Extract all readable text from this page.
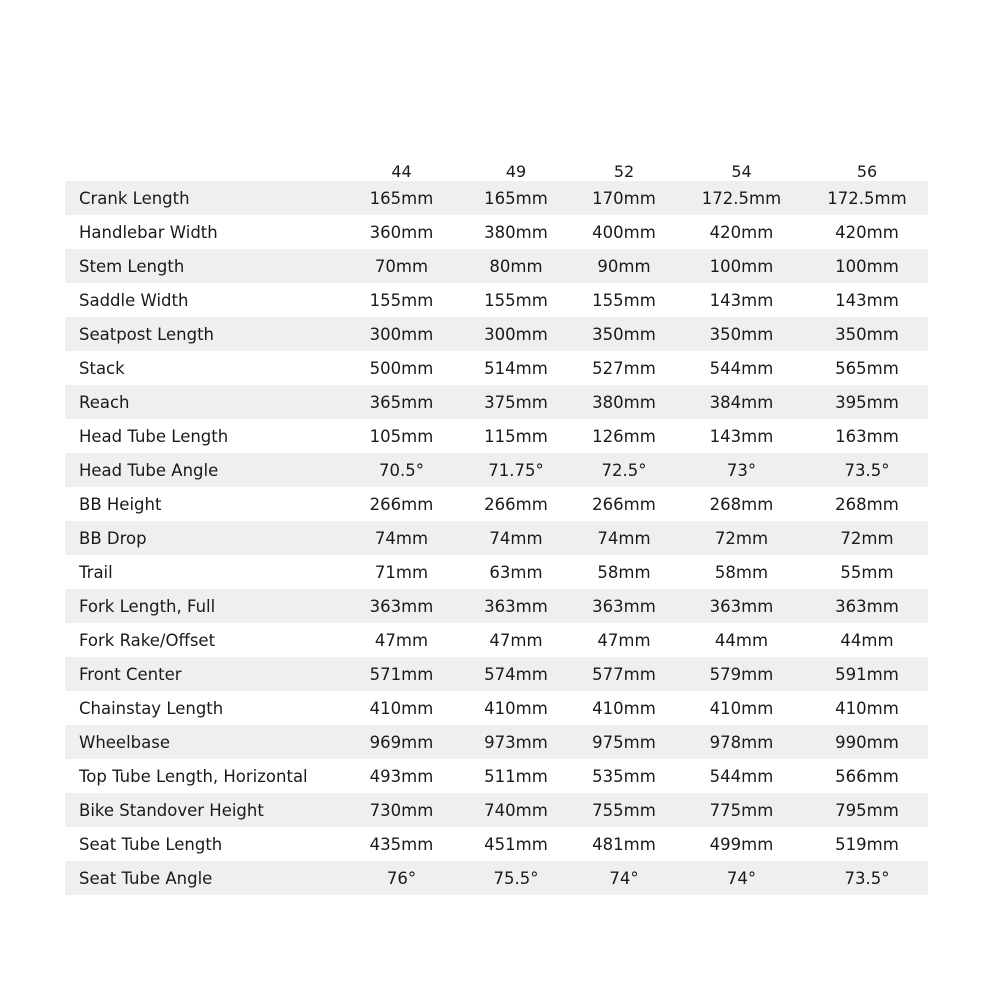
	44	49	52	54	56
Crank Length	165mm	165mm	170mm	172.5mm	172.5mm
Handlebar Width	360mm	380mm	400mm	420mm	420mm
Stem Length	70mm	80mm	90mm	100mm	100mm
Saddle Width	155mm	155mm	155mm	143mm	143mm
Seatpost Length	300mm	300mm	350mm	350mm	350mm
Stack	500mm	514mm	527mm	544mm	565mm
Reach	365mm	375mm	380mm	384mm	395mm
Head Tube Length	105mm	115mm	126mm	143mm	163mm
Head Tube Angle	70.5°	71.75°	72.5°	73°	73.5°
BB Height	266mm	266mm	266mm	268mm	268mm
BB Drop	74mm	74mm	74mm	72mm	72mm
Trail	71mm	63mm	58mm	58mm	55mm
Fork Length, Full	363mm	363mm	363mm	363mm	363mm
Fork Rake/Offset	47mm	47mm	47mm	44mm	44mm
Front Center	571mm	574mm	577mm	579mm	591mm
Chainstay Length	410mm	410mm	410mm	410mm	410mm
Wheelbase	969mm	973mm	975mm	978mm	990mm
Top Tube Length, Horizontal	493mm	511mm	535mm	544mm	566mm
Bike Standover Height	730mm	740mm	755mm	775mm	795mm
Seat Tube Length	435mm	451mm	481mm	499mm	519mm
Seat Tube Angle	76°	75.5°	74°	74°	73.5°
